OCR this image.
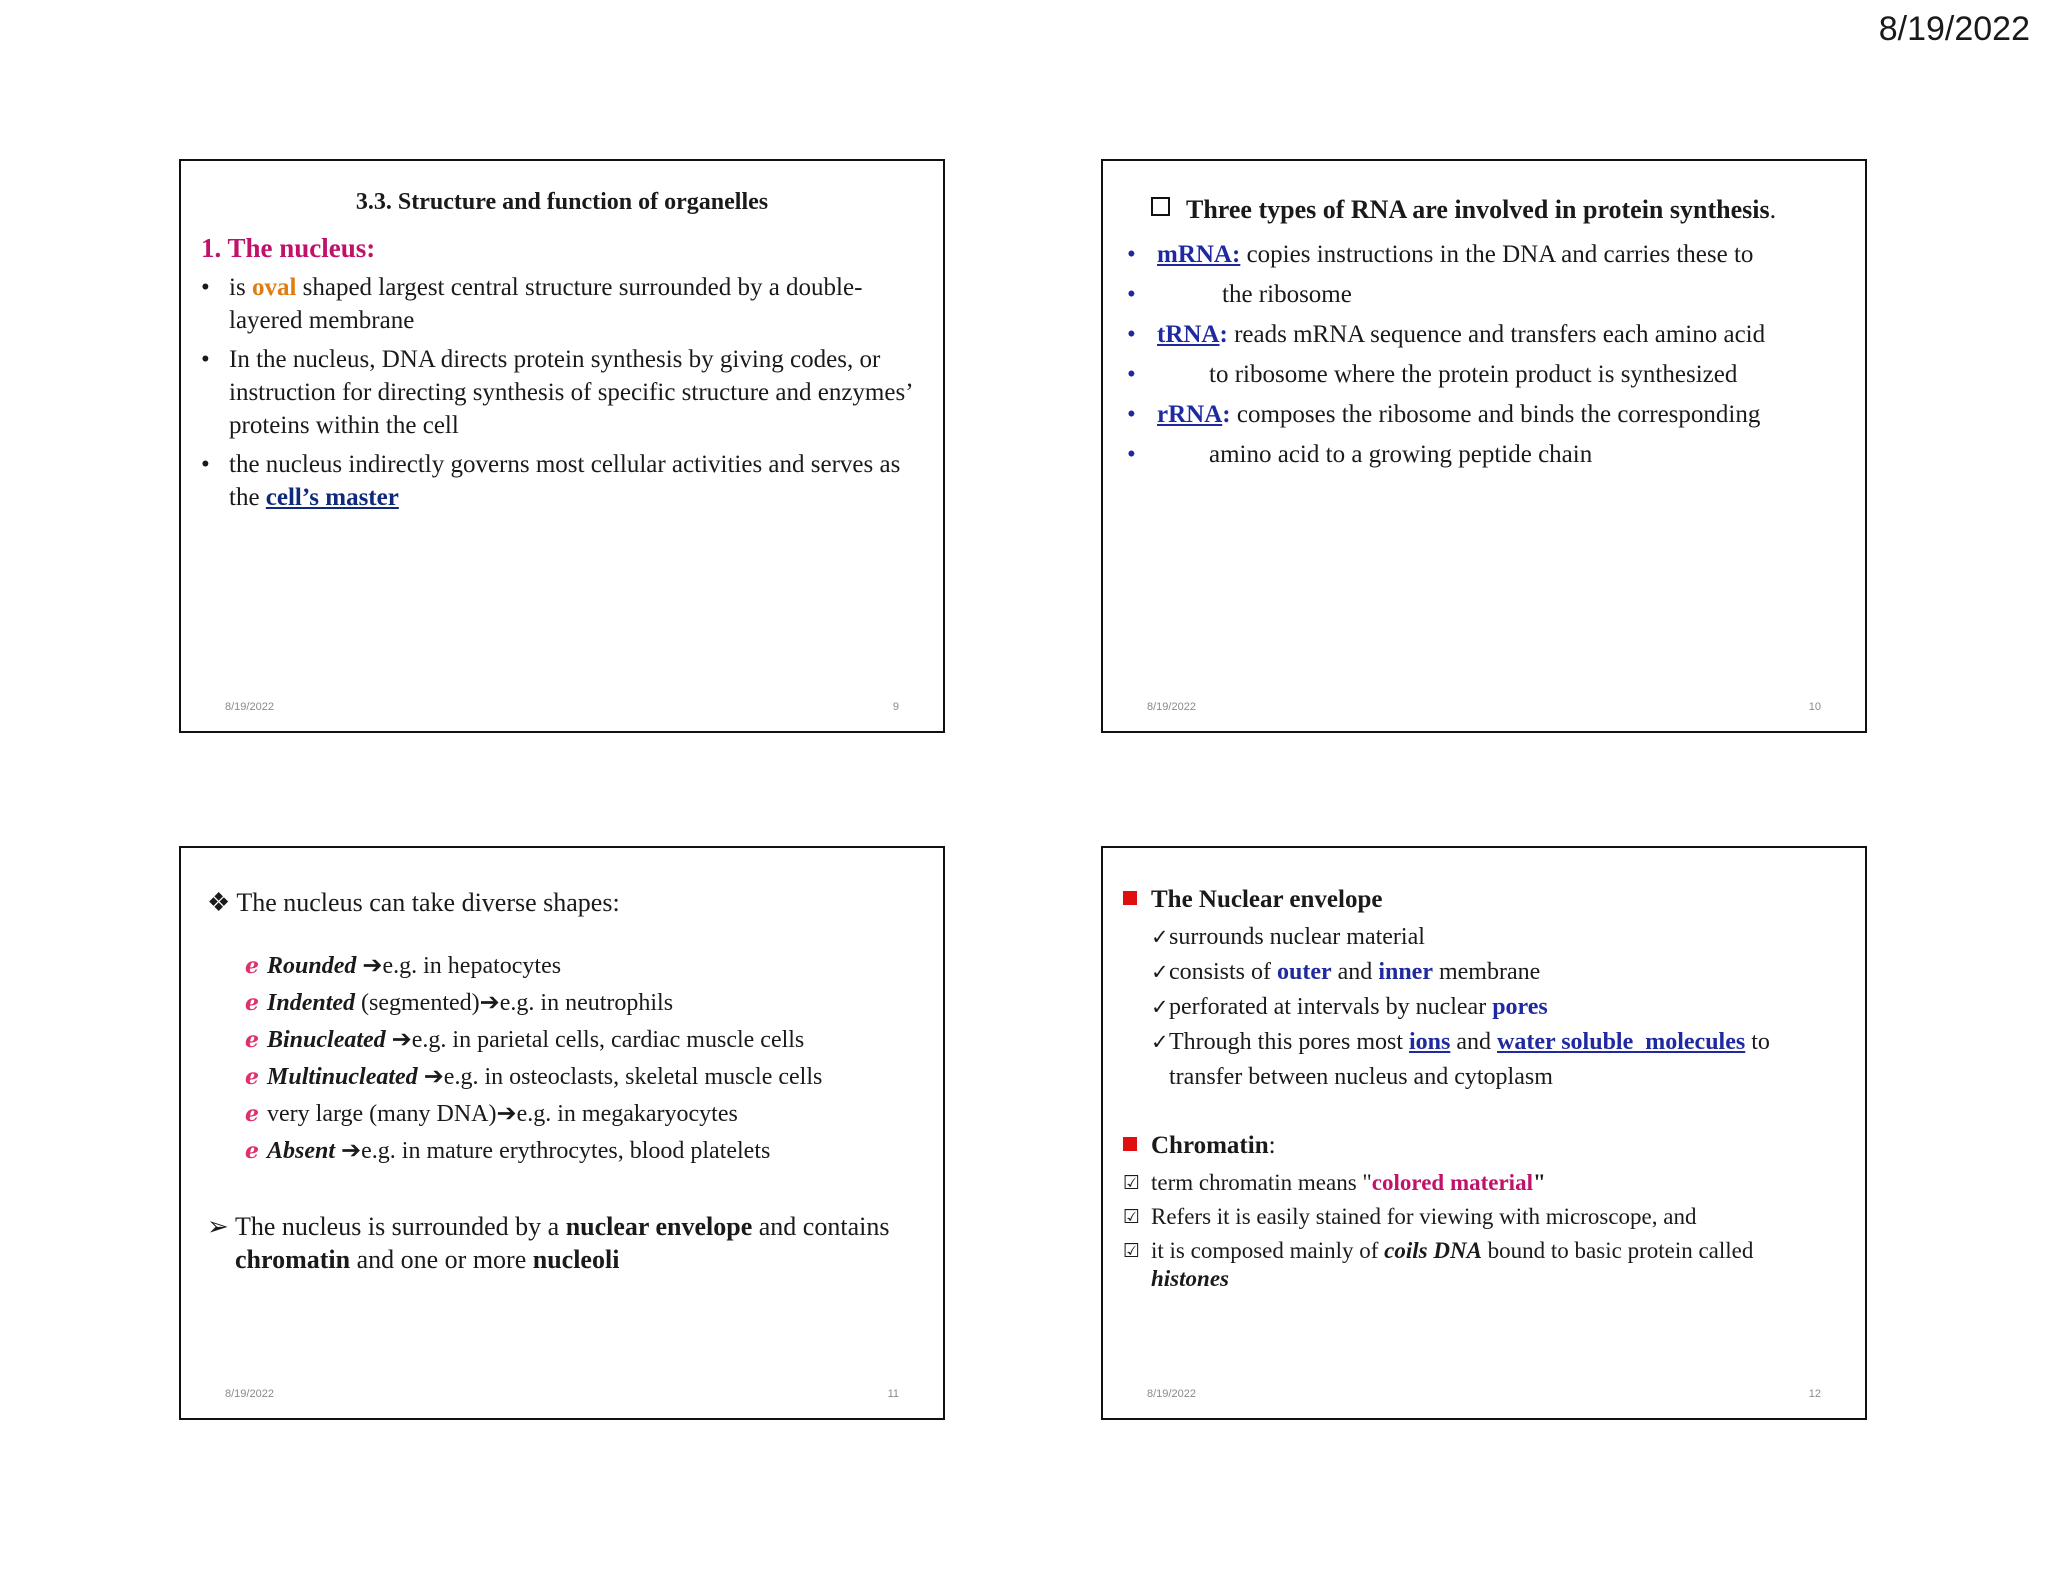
8/19/2022
3.3. Structure and function of organelles
1. The nucleus:
• is oval shaped largest central structure surrounded by a double-layered membrane
• In the nucleus, DNA directs protein synthesis by giving codes, or instruction for directing synthesis of specific structure and enzymes’ proteins within the cell
• the nucleus indirectly governs most cellular activities and serves as the cell’s master
8/19/2022	9
Three types of RNA are involved in protein synthesis.
• mRNA: copies instructions in the DNA and carries these to
• the ribosome
• tRNA: reads mRNA sequence and transfers each amino acid
• to ribosome where the protein product is synthesized
• rRNA: composes the ribosome and binds the corresponding
• amino acid to a growing peptide chain
8/19/2022	10
❖ The nucleus can take diverse shapes:
ℯ Rounded ➔e.g. in hepatocytes
ℯ Indented (segmented)➔e.g. in neutrophils
ℯ Binucleated ➔e.g. in parietal cells, cardiac muscle cells
ℯ Multinucleated ➔e.g. in osteoclasts, skeletal muscle cells
ℯ very large (many DNA)➔e.g. in megakaryocytes
ℯ Absent ➔e.g. in mature erythrocytes, blood platelets
➢ The nucleus is surrounded by a nuclear envelope and contains chromatin and one or more nucleoli
8/19/2022	11
The Nuclear envelope
✓surrounds nuclear material
✓consists of outer and inner membrane
✓perforated at intervals by nuclear pores
✓Through this pores most ions and water soluble  molecules to
transfer between nucleus and cytoplasm
Chromatin:
☑ term chromatin means "colored material"
☑ Refers it is easily stained for viewing with microscope, and
☑ it is composed mainly of coils DNA bound to basic protein called
histones
8/19/2022	12
